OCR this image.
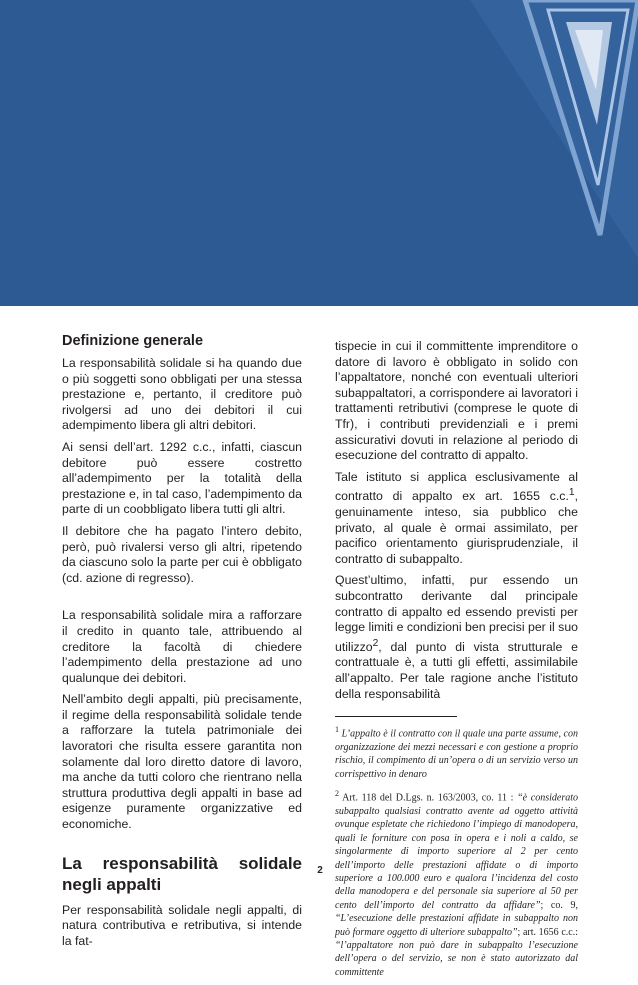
Definizione generale

La responsabilità solidale si ha quando due o più soggetti sono obbligati per una stessa prestazione e, pertanto, il creditore può rivolgersi ad uno dei debitori il cui adempimento libera gli altri debitori.

Ai sensi dell’art. 1292 c.c., infatti, ciascun debitore può essere costretto all’adempimento per la totalità della prestazione e, in tal caso, l’adempimento da parte di un coobbligato libera tutti gli altri.

Il debitore che ha pagato l’intero debito, però, può rivalersi verso gli altri, ripetendo da ciascuno solo la parte per cui è obbligato (cd. azione di regresso).

La responsabilità solidale mira a rafforzare il credito in quanto tale, attribuendo al creditore la facoltà di chiedere l’adempimento della prestazione ad uno qualunque dei debitori.

Nell’ambito degli appalti, più precisamente, il regime della responsabilità solidale tende a rafforzare la tutela patrimoniale dei lavoratori che risulta essere garantita non solamente dal loro diretto datore di lavoro, ma anche da tutti coloro che rientrano nella struttura produttiva degli appalti in base ad esigenze puramente organizzative ed economiche.

La responsabilità solidale negli appalti

Per responsabilità solidale negli appalti, di natura contributiva e retributiva, si intende la fat-

tispecie in cui il committente imprenditore o datore di lavoro è obbligato in solido con l’appaltatore, nonché con eventuali ulteriori subappaltatori, a corrispondere ai lavoratori i trattamenti retributivi (comprese le quote di Tfr), i contributi previdenziali e i premi assicurativi dovuti in relazione al periodo di esecuzione del contratto di appalto.

Tale istituto si applica esclusivamente al contratto di appalto ex art. 1655 c.c.$^1$, genuinamente inteso, sia pubblico che privato, al quale è ormai assimilato, per pacifico orientamento giurisprudenziale, il contratto di subappalto.

Quest’ultimo, infatti, pur essendo un subcontratto derivante dal principale contratto di appalto ed essendo previsti per legge limiti e condizioni ben precisi per il suo utilizzo$^2$, dal punto di vista strutturale e contrattuale è, a tutti gli effetti, assimilabile all’appalto. Per tale ragione anche l’istituto della responsabilità

$^1$ L’appalto è il contratto con il quale una parte assume, con organizzazione dei mezzi necessari e con gestione a proprio rischio, il compimento di un’opera o di un servizio verso un corrispettivo in denaro

$^2$ Art. 118 del D.Lgs. n. 163/2003, co. 11 : “è considerato subappalto qualsiasi contratto avente ad oggetto attività ovunque espletate che richiedono l’impiego di manodopera, quali le forniture con posa in opera e i noli a caldo, se singolarmente di importo superiore al 2 per cento dell’importo delle prestazioni affidate o di importo superiore a 100.000 euro e qualora l’incidenza del costo della manodopera e del personale sia superiore al 50 per cento dell’importo del contratto da affidare”; co. 9, “L’esecuzione delle prestazioni affidate in subappalto non può formare oggetto di ulteriore subappalto”; art. 1656 c.c.: “l’appaltatore non può dare in subappalto l’esecuzione dell’opera o del servizio, se non è stato autorizzato dal committente

2
